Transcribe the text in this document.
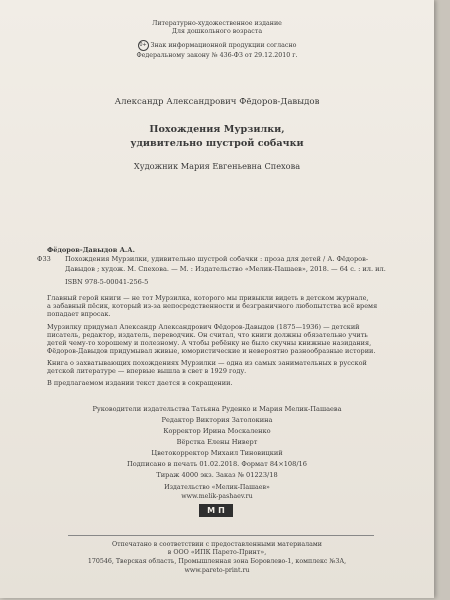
Литературно-художественное издание
Для дошкольного возраста
0+ Знак информационной продукции согласно
Федеральному закону № 436-ФЗ от 29.12.2010 г.
Александр Александрович Фёдоров-Давыдов
Похождения Мурзилки,
удивительно шустрой собачки
Художник Мария Евгеньевна Спехова
Фёдоров-Давыдов А.А.
Ф33 Похождения Мурзилки, удивительно шустрой собачки : проза для детей / А. Фёдоров-
Давыдов ; худож. М. Спехова. — М. : Издательство «Мелик-Пашаев», 2018. — 64 с. : ил. ил.
ISBN 978-5-00041-256-5
Главный герой книги — не тот Мурзилка, которого мы привыкли видеть в детском журнале,
а забавный пёсик, который из-за непосредственности и безграничного любопытства всё время
попадает впросак.
Мурзилку придумал Александр Александрович Фёдоров-Давыдов (1875—1936) — детский
писатель, редактор, издатель, переводчик. Он считал, что книги должны обязательно учить
детей чему-то хорошему и полезному. А чтобы ребёнку не было скучны книжные назидания,
Фёдоров-Давыдов придумывал живые, юмористические и невероятно разнообразные истории.
Книга о захватывающих похождениях Мурзилки — одна из самых занимательных в русской
детской литературе — впервые вышла в свет в 1929 году.
В предлагаемом издании текст дается в сокращении.
Руководители издательства Татьяна Руденко и Мария Мелик-Пашаева
Редактор Виктория Затолокина
Корректор Ирина Москаленко
Вёрстка Елены Ниверт
Цветокорректор Михаил Тиновицкий
Подписано в печать 01.02.2018. Формат 84×108/16
Тираж 4000 экз. Заказ № 01223/18
Издательство «Мелик-Пашаев»
www.melik-pashaev.ru
М П
Отпечатано в соответствии с предоставленными материалами
в ООО «ИПК Парето-Принт»,
170546, Тверская область, Промышленная зона Боровлево-1, комплекс №3А,
www.pareto-print.ru
